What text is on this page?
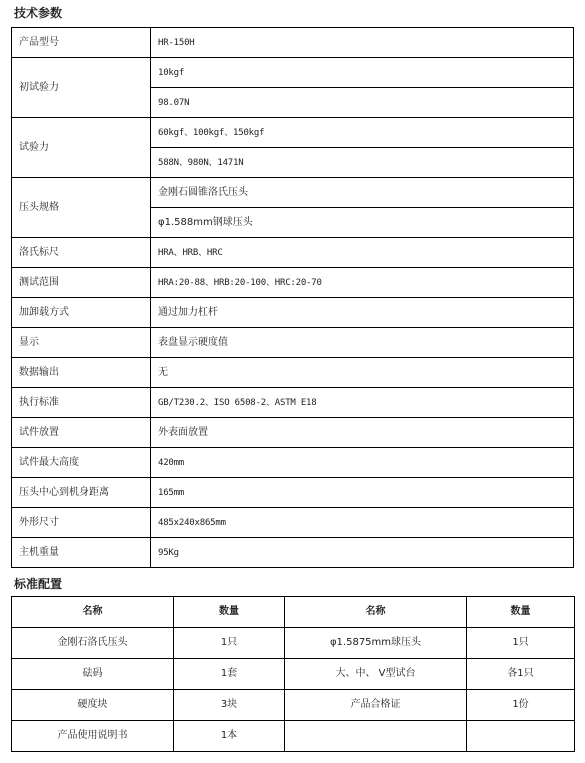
技术参数
产品型号	HR-150H
初试验力	10kgf
	98.07N
试验力	60kgf、100kgf、150kgf
	588N、980N、1471N
压头规格	金刚石圆锥洛氏压头
	φ1.588mm钢球压头
洛氏标尺	HRA、HRB、HRC
测试范围	HRA:20-88、HRB:20-100、HRC:20-70
加卸载方式	通过加力杠杆
显示	表盘显示硬度值
数据输出	无
执行标准	GB/T230.2、ISO 6508-2、ASTM E18
试件放置	外表面放置
试件最大高度	420mm
压头中心到机身距离	165mm
外形尺寸	485x240x865mm
主机重量	95Kg
标准配置
名称	数量	名称	数量
金刚石洛氏压头	1只	φ1.5875mm球压头	1只
砝码	1套	大、中、 V型试台	各1只
硬度块	3块	产品合格证	1份
产品使用说明书	1本		
